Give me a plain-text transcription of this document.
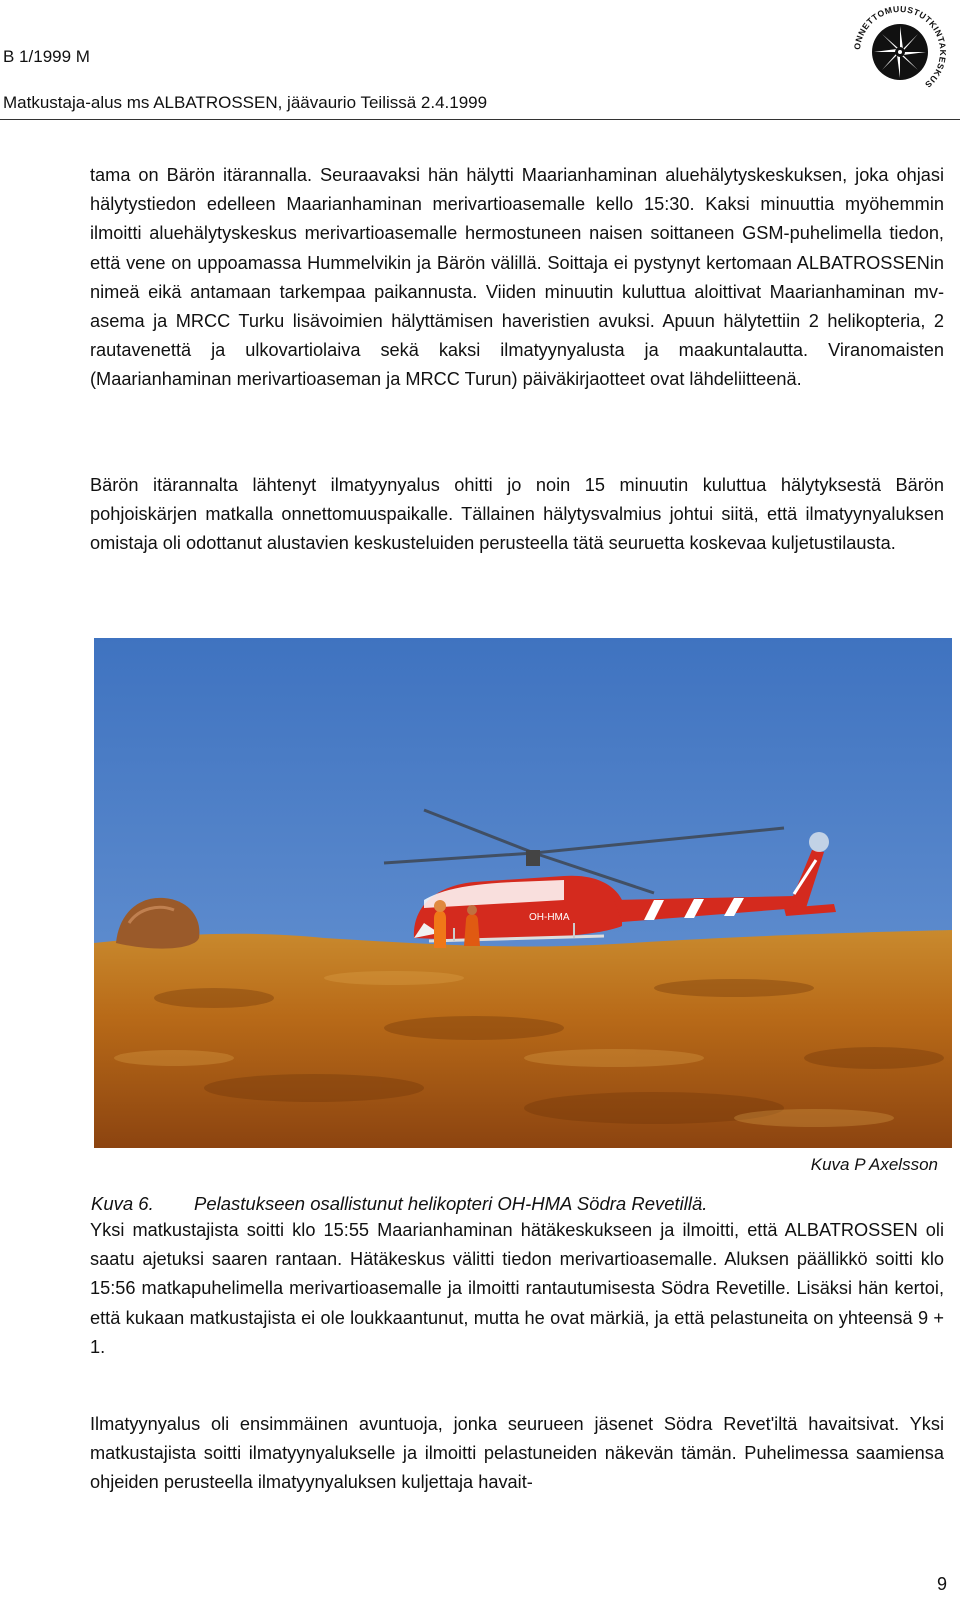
B 1/1999 M
Matkustaja-alus ms ALBATROSSEN, jäävaurio Teilissä 2.4.1999
ONNETTOMUUSTUTKINTAKESKUS

tama on Bärön itärannalla. Seuraavaksi hän hälytti Maarianhaminan aluehälytyskeskuksen, joka ohjasi hälytystiedon edelleen Maarianhaminan merivartioasemalle kello 15:30. Kaksi minuuttia myöhemmin ilmoitti aluehälytyskeskus merivartioasemalle hermostuneen naisen soittaneen GSM-puhelimella tiedon, että vene on uppoamassa Hummelvikin ja Bärön välillä. Soittaja ei pystynyt kertomaan ALBATROSSENin nimeä eikä antamaan tarkempaa paikannusta. Viiden minuutin kuluttua aloittivat Maarianhaminan mv-asema ja MRCC Turku lisävoimien hälyttämisen haveristien avuksi. Apuun hälytettiin 2 helikopteria, 2 rautavenettä ja ulkovartiolaiva sekä kaksi ilmatyynyalusta ja maakuntalautta. Viranomaisten (Maarianhaminan merivartioaseman ja MRCC Turun) päiväkirjaotteet ovat lähdeliitteenä.

Bärön itärannalta lähtenyt ilmatyynyalus ohitti jo noin 15 minuutin kuluttua hälytyksestä Bärön pohjoiskärjen matkalla onnettomuuspaikalle. Tällainen hälytysvalmius johtui siitä, että ilmatyynyaluksen omistaja oli odottanut alustavien keskusteluiden perusteella tätä seuruetta koskevaa kuljetustilausta.

OH-HMA
Kuva P Axelsson
Kuva 6. Pelastukseen osallistunut helikopteri OH-HMA Södra Revetillä.

Yksi matkustajista soitti klo 15:55 Maarianhaminan hätäkeskukseen ja ilmoitti, että ALBATROSSEN oli saatu ajetuksi saaren rantaan. Hätäkeskus välitti tiedon merivartioasemalle. Aluksen päällikkö soitti klo 15:56 matkapuhelimella merivartioasemalle ja ilmoitti rantautumisesta Södra Revetille. Lisäksi hän kertoi, että kukaan matkustajista ei ole loukkaantunut, mutta he ovat märkiä, ja että pelastuneita on yhteensä 9 + 1.

Ilmatyynyalus oli ensimmäinen avuntuoja, jonka seurueen jäsenet Södra Revet'iltä havaitsivat. Yksi matkustajista soitti ilmatyynyalukselle ja ilmoitti pelastuneiden näkevän tämän. Puhelimessa saamiensa ohjeiden perusteella ilmatyynyaluksen kuljettaja havait-

9
